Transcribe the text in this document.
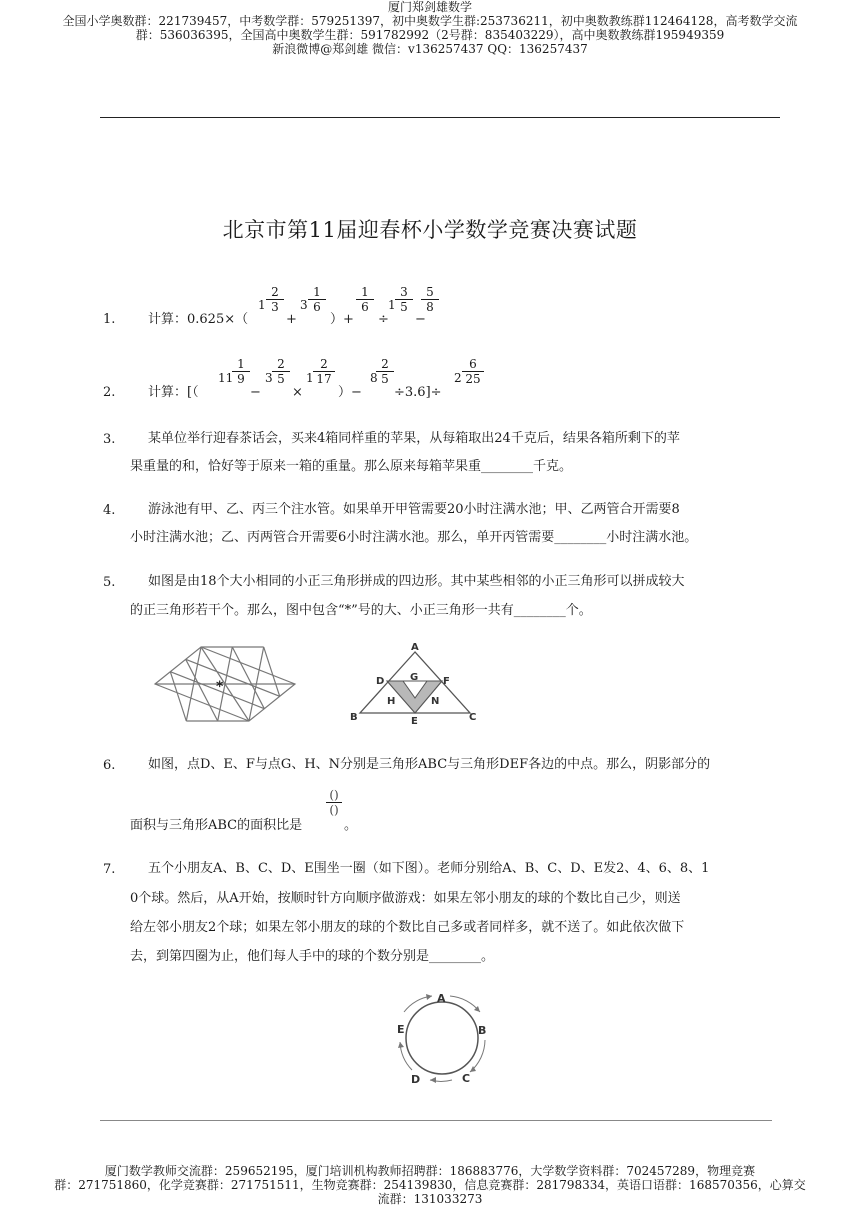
厦门郑剑雄数学
全国小学奥数群：221739457，中考数学群：579251397，初中奥数学生群:253736211，初中奥数教练群112464128，高考数学交流
群：536036395，全国高中奥数学生群：591782992（2号群：835403229），高中奥数教练群195949359
新浪微博@郑剑雄 微信：v136257437 QQ：136257437
北京市第11届迎春杯小学数学竞赛决赛试题
1.	计算：0.625×（
$1 \frac{2}{3}$
+
$3 \frac{1}{6}$
）+
$\frac{1}{6}$
÷
$1 \frac{3}{5}$
−
$\frac{5}{8}$
2.	计算：[（
11
$\frac{1}{9}$
−
$3 \frac{2}{5}$
×
$1 \frac{2}{17}$
）−
8
$\frac{2}{5}$
÷3.6]÷
$2 \frac{6}{25}$
3.	某单位举行迎春茶话会，买来4箱同样重的苹果，从每箱取出24千克后，结果各箱所剩下的苹
果重量的和，恰好等于原来一箱的重量。那么原来每箱苹果重________千克。
4.	游泳池有甲、乙、丙三个注水管。如果单开甲管需要20小时注满水池；甲、乙两管合开需要8
小时注满水池；乙、丙两管合开需要6小时注满水池。那么，单开丙管需要________小时注满水池。
5.	如图是由18个大小相同的小正三角形拼成的四边形。其中某些相邻的小正三角形可以拼成较大
的正三角形若干个。那么，图中包含“*”号的大、小正三角形一共有________个。
*
A
B	C
D
E
F
G
H	N
6.	如图，点D、E、F与点G、H、N分别是三角形ABC与三角形DEF各边的中点。那么，阴影部分的
面积与三角形ABC的面积比是
()
()
。
7.	五个小朋友A、B、C、D、E围坐一圈（如下图）。老师分别给A、B、C、D、E发2、4、6、8、1
0个球。然后，从A开始，按顺时针方向顺序做游戏：如果左邻小朋友的球的个数比自己少，则送
给左邻小朋友2个球；如果左邻小朋友的球的个数比自己多或者同样多，就不送了。如此依次做下
去，到第四圈为止，他们每人手中的球的个数分别是________。
A
B
C
D
E
厦门数学教师交流群：259652195，厦门培训机构教师招聘群：186883776，大学数学资料群：702457289，物理竞赛
群：271751860，化学竞赛群：271751511，生物竞赛群：254139830，信息竞赛群：281798334，英语口语群：168570356，心算交
流群：131033273
